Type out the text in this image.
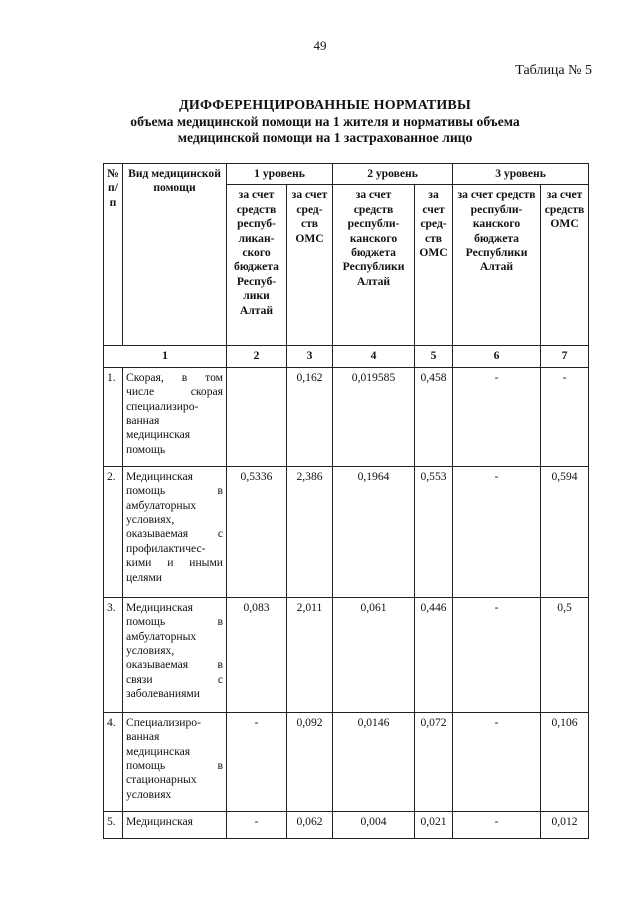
49
Таблица № 5
ДИФФЕРЕНЦИРОВАННЫЕ НОРМАТИВЫ
объема медицинской помощи на 1 жителя и нормативы объема
медицинской помощи на 1 застрахованное лицо
№ п/п	Вид медицинской помощи	1 уровень		2 уровень		3 уровень	
		за счет средств респуб-ликан-ского бюджета Респуб-лики Алтай	за счет сред-ств ОМС	за счет средств республи-канского бюджета Республики Алтай	за счет сред-ств ОМС	за счет средств республи-канского бюджета Республики Алтай	за счет средств ОМС
1		2	3	4	5	6	7
1.	Скорая, в том числе скорая специализиро-ванная медицинская помощь		0,162	0,019585	0,458	-	-
2.	Медицинская помощь в амбулаторных условиях, оказываемая с профилактичес-кими и иными целями	0,5336	2,386	0,1964	0,553	-	0,594
3.	Медицинская помощь в амбулаторных условиях, оказываемая в связи с заболеваниями	0,083	2,011	0,061	0,446	-	0,5
4.	Специализиро-ванная медицинская помощь в стационарных условиях	-	0,092	0,0146	0,072	-	0,106
5.	Медицинская	-	0,062	0,004	0,021	-	0,012
